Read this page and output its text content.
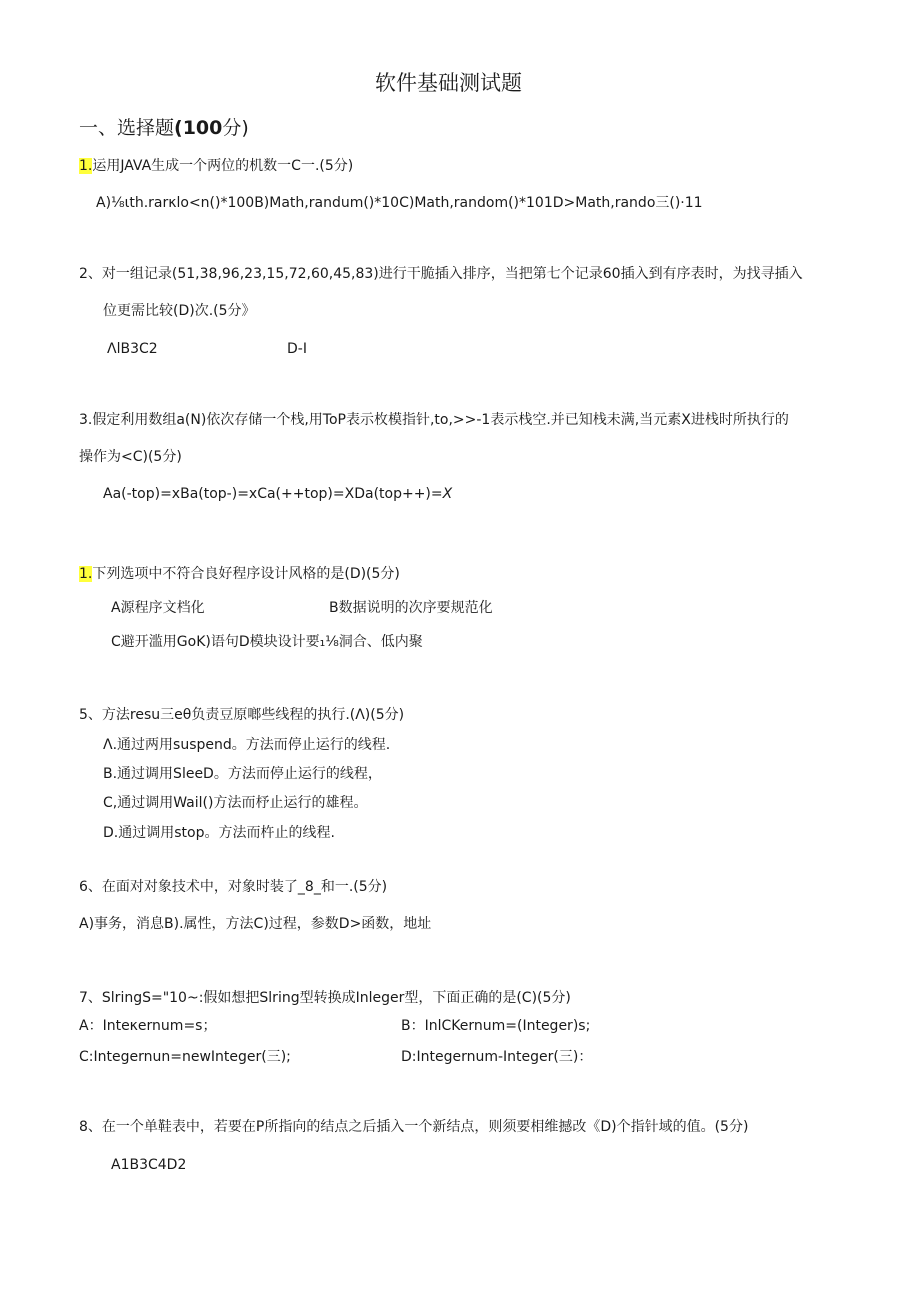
软件基础测试题
一、选择题(100分)
1.运用JAVA生成一个两位的机数一C一.(5分)
A)⅛ιth.rarκlo<n()*100B)Math,randum()*10C)Math,random()*101D>Math,rando三()·11
2、对一组记录(51,38,96,23,15,72,60,45,83)进行干脆插入排序，当把第七个记录60插入到有序表时，为找寻插入
位更需比较(D)次.(5分》
ΛlB3C2	D-I
3.假定利用数组a(N)依次存储一个栈,用ToP表示枚模指针,to,>>-1表示栈空.并已知栈未满,当元素X进栈时所执行的
操作为<C)(5分)
Aa(-top)=xBa(top-)=xCa(++top)=XDa(top++)=X
1.下列选项中不符合良好程序设计风格的是(D)(5分)
A源程序文档化	B数据说明的次序要规范化
C避开滥用GoK)语句D模块设计要₁⅛洞合、低内聚
5、方法resu三eθ负责豆原啷些线程的执行.(Λ)(5分)
Λ.通过两用suspend。方法而停止运行的线程.
B.通过调用SleeD。方法而停止运行的线程，
C,通过调用Wail()方法而杼止运行的雄程。
D.通过调用stop。方法而杵止的线程.
6、在面对对象技术中，对象时装了_8_和一.(5分)
A)事务，消息B).属性，方法C)过程，参数D>函数，地址
7、SlringS="10~:假如想把Slring型转换成Inleger型，下面正确的是(C)(5分)
A：Inteκernum=s；	B：InlCKernum=(Integer)s;
C:Integernun=newInteger(三);	D:Integernum-Integer(三)：
8、在一个单鞋表中，若要在P所指向的结点之后插入一个新结点，则须要相维撼改《D)个指针域的值。(5分)
A1B3C4D2
